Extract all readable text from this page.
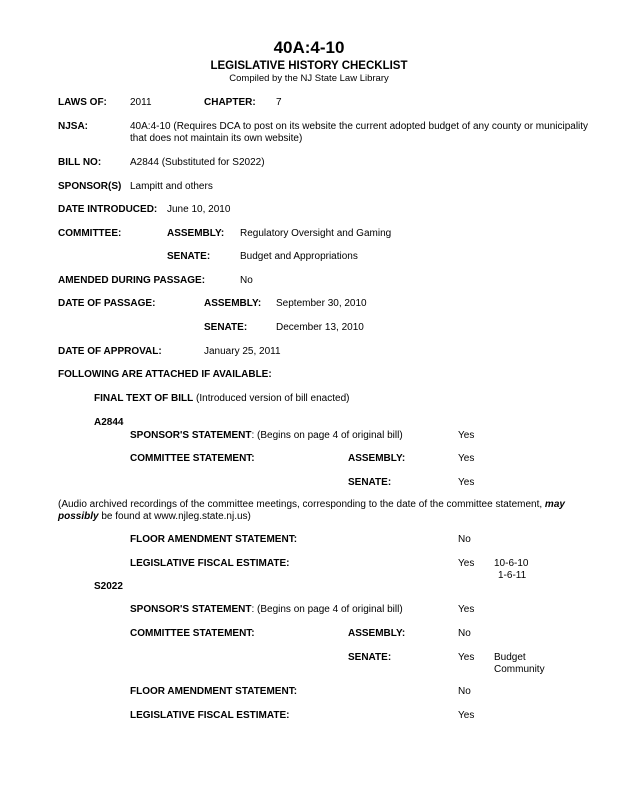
40A:4-10
LEGISLATIVE HISTORY CHECKLIST
Compiled by the NJ State Law Library
LAWS OF: 2011	CHAPTER: 7
NJSA:	40A:4-10 (Requires DCA to post on its website the current adopted budget of any county or municipality that does not maintain its own website)
BILL NO:	A2844 (Substituted for S2022)
SPONSOR(S) Lampitt and others
DATE INTRODUCED: June 10, 2010
COMMITTEE:	ASSEMBLY: Regulatory Oversight and Gaming
SENATE:	Budget and Appropriations
AMENDED DURING PASSAGE:	No
DATE OF PASSAGE:	ASSEMBLY: September 30, 2010
SENATE:	December 13, 2010
DATE OF APPROVAL:	January 25, 2011
FOLLOWING ARE ATTACHED IF AVAILABLE:
FINAL TEXT OF BILL (Introduced version of bill enacted)
A2844
SPONSOR'S STATEMENT: (Begins on page 4 of original bill)	Yes
COMMITTEE STATEMENT:	ASSEMBLY:	Yes
SENATE:	Yes
(Audio archived recordings of the committee meetings, corresponding to the date of the committee statement, may possibly be found at www.njleg.state.nj.us)
FLOOR AMENDMENT STATEMENT:	No
LEGISLATIVE FISCAL ESTIMATE:	Yes 10-6-10
1-6-11
S2022
SPONSOR'S STATEMENT: (Begins on page 4 of original bill)	Yes
COMMITTEE STATEMENT:	ASSEMBLY:	No
SENATE:	Yes Budget
Community
FLOOR AMENDMENT STATEMENT:	No
LEGISLATIVE FISCAL ESTIMATE:	Yes
